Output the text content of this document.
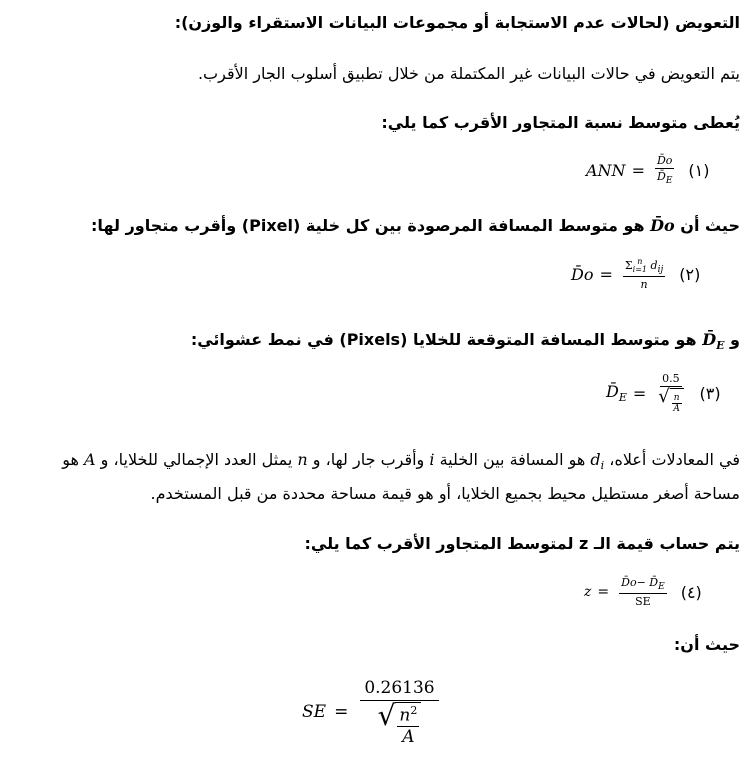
التعويض (لحالات عدم الاستجابة أو مجموعات البيانات الاستقراء والوزن):
يتم التعويض في حالات البيانات غير المكتملة من خلال تطبيق أسلوب الجار الأقرب.
يُعطى متوسط نسبة المتجاور الأقرب كما يلي:
ANN = $\frac{D̄o}{D̄_E}$ (١)
حيث أن D̄o هو متوسط المسافة المرصودة بين كل خلية (Pixel) وأقرب متجاور لها:
D̄o = Σ n
i=1 $d_{ij}$
n (٢)
و $D̄_E$ هو متوسط المسافة المتوقعة للخلايا (Pixels) في نمط عشوائي:
$D̄_E = \frac{0.5}{√ \frac{n}{A}}$ (٣)
في المعادلات أعلاه، $d_i$ هو المسافة بين الخلية i وأقرب جار لها، و n يمثل العدد الإجمالي للخلايا، و A هو
مساحة أصغر مستطيل محيط بجميع الخلايا، أو هو قيمة مساحة محددة من قبل المستخدم.
يتم حساب قيمة الـ z لمتوسط المتجاور الأقرب كما يلي:
$z = \frac{D̄o- D̄_E}{SE}$ (٤)
حيث أن:
SE = $\frac{0.26136}{√ \frac{n^2}{A}}$
